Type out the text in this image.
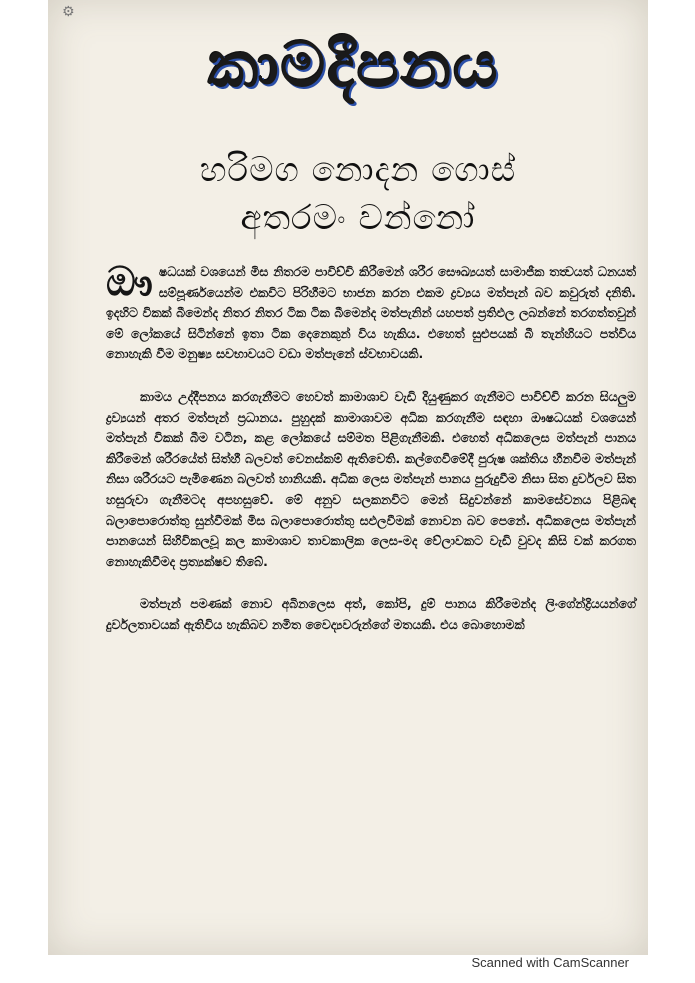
⚙
කාමදීපනය
හරිමග නොදන ගොස්
අතරමං වන්නෝ

ඖෂධයක් වශයෙන් මිස නිතරම පාවිච්චි කිරීමෙන් ශරීර සෞඛ්‍යයත් සාමාජීක තත්‍වයත් ධනයත් සම්පූර්ණයෙන්ම එකවිට පිරිහීමට භාජන කරන එකම ද්‍රව්‍යය මත්පැන් බව කවුරුත් දනිති. ඉදහිට විකක් බීමෙන්ද නිතර නිතර ටික ටික බීමෙන්ද මත්පැනින් යහපත් ප්‍රතිඵල ලබන්නේ තරගත්තවුන් මේ ලෝකයේ සිටින්නේ ඉතා ටික දෙනෙකුන් විය හැකිය. එහෙත් සුළුපයක් බී තැන්හියට පත්විය නොහැකි වීම මනුෂ්‍ය සවභාවයට වඩා මත්පැනේ ස්වභාවයකි.

කාමය උද්දීපනය කරගැනීමට හෙවත් කාමාශාව වැඩි දියුණුකර ගැනීමට පාවිච්චි කරන සියලුම ද්‍රව්‍යයන් අතර මත්පැන් ප්‍රධානය. පුහුදක් කාමාශාවම අධික කරගැනීම සඳහා ඖෂධයක් වශයෙන් මත්පැන් විකක් බීම වටින, කළ ලෝකයේ සම්මත පිළිගැනීමකි. එහෙත් අධිකලෙස මත්පැන් පානය කිරීමෙන් ශරීරයේත් සිත්හී බලවත් වෙනස්කම් ඇතිවෙති. කල්ගෙවීමේදී පුරුෂ ශක්තිය හීනවීම මත්පැන් නිසා ශරීරයට පැමිණෙන බලවත් හානියකි. අධික ලෙස මත්පැන් පානය පුරුදුවීම නිසා සිත දුර්වලව සිත හසුරුවා ගැනීමටද අපහසුවේ. මේ අනුව සලකනවිට මෙන් සිදුවන්නේ කාමසේවනය පිළිබඳ බලාපොරොත්තු සුන්වීමක් මිස බලාපොරොත්තු සඵලවීමක් නොවන බව පෙනේ. අධිකලෙස මත්පැන් පානයෙන් සිහිවිකලවූ කල කාමාශාව තාවකාලික ලෙස-මද වේලාවකට වැඩි වුවද කිසි වක් කරගත නොහැකිවීමද ප්‍රත්‍යක්ෂව තිබේ.

මත්පැන් පමණක් නොව අබිනලෙස අත්, කෝපි, දුම් පානය කිරීමෙන්ද ලිංගේන්ද්‍රියයන්ගේ දුර්වලතාවයක් ඇතිවිය හැකිබව නමිත වෛද්‍යවරුන්ගේ මතයකි. එය බොහොමක්

Scanned with CamScanner
